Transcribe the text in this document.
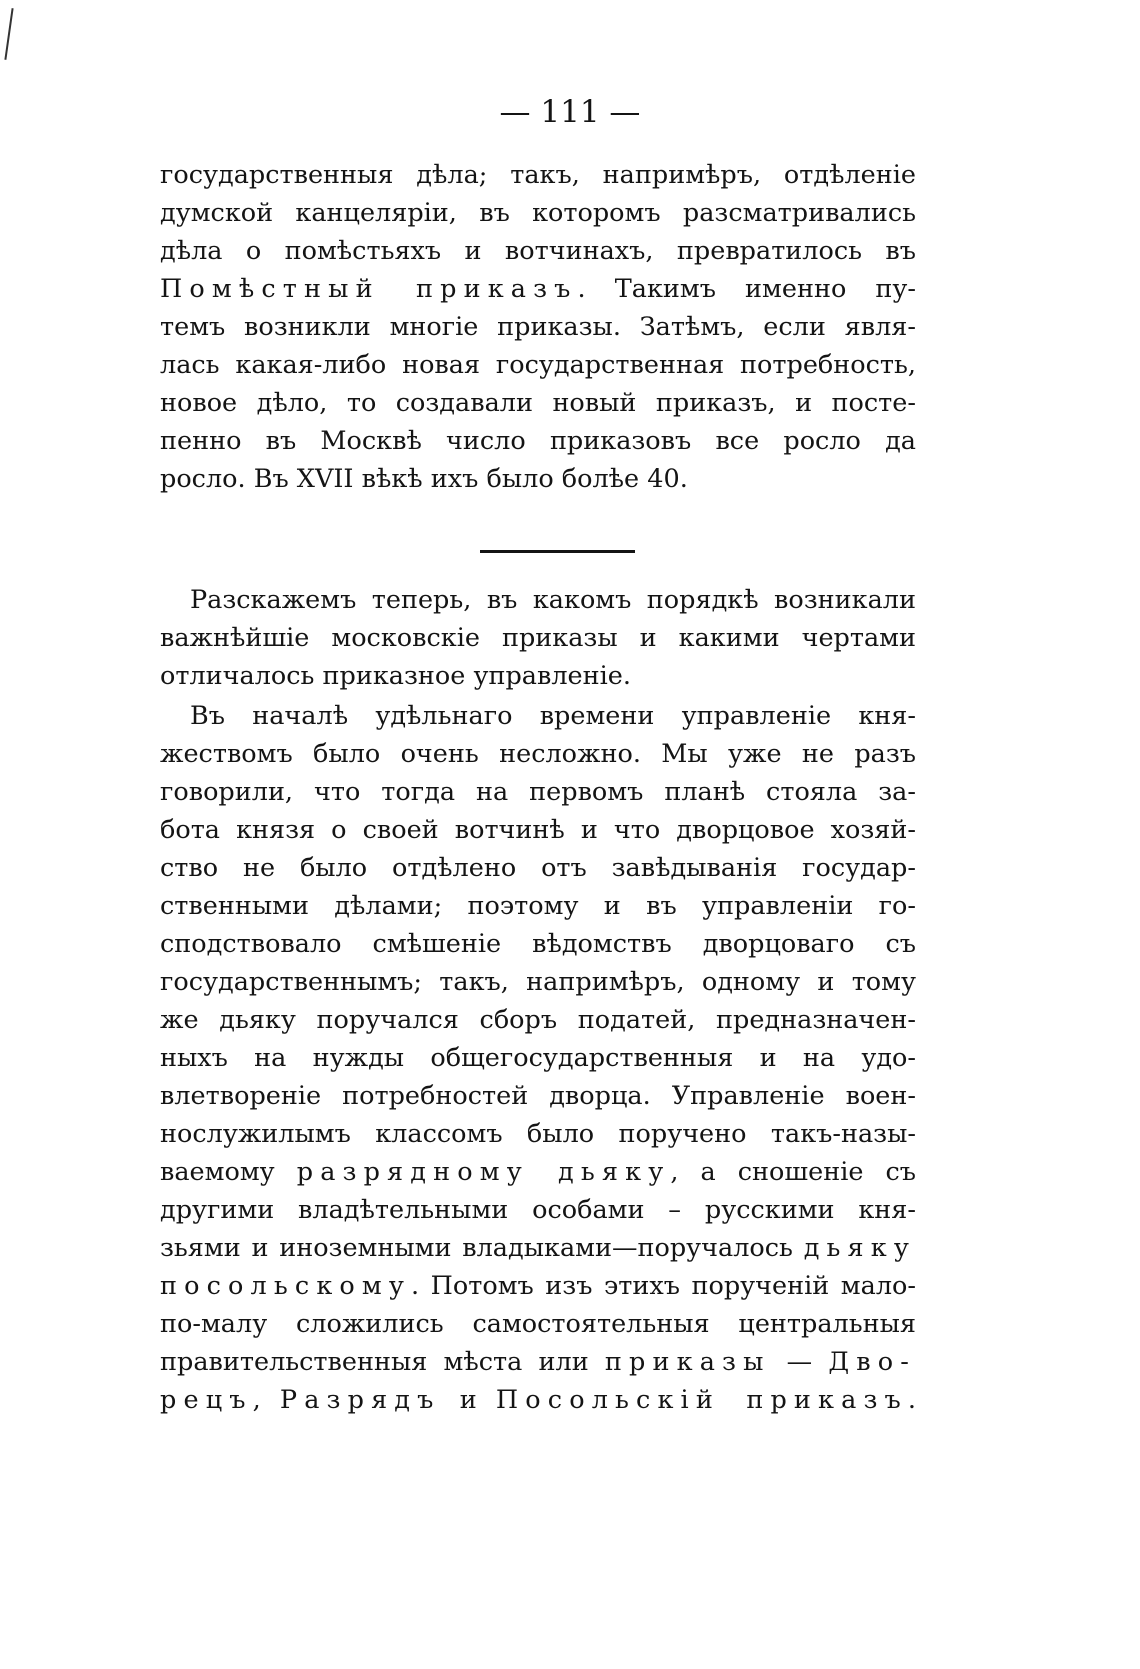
— 111 —

государственныя дѣла; такъ, напримѣръ, отдѣленіе

думской канцеляріи, въ которомъ разсматривались

дѣла о помѣстьяхъ и вотчинахъ, превратилось въ

Помѣстный приказъ. Такимъ именно пу-

темъ возникли многіе приказы. Затѣмъ, если явля-

лась какая-либо новая государственная потребность,

новое дѣло, то создавали новый приказъ, и посте-

пенно въ Москвѣ число приказовъ все росло да

росло. Въ XVII вѣкѣ ихъ было болѣе 40.

Разскажемъ теперь, въ какомъ порядкѣ возникали

важнѣйшіе московскіе приказы и какими чертами

отличалось приказное управленіе.

Въ началѣ удѣльнаго времени управленіе кня-

жествомъ было очень несложно. Мы уже не разъ

говорили, что тогда на первомъ планѣ стояла за-

бота князя о своей вотчинѣ и что дворцовое хозяй-

ство не было отдѣлено отъ завѣдыванія государ-

ственными дѣлами; поэтому и въ управленіи го-

сподствовало смѣшеніе вѣдомствъ дворцоваго съ

государственнымъ; такъ, напримѣръ, одному и тому

же дьяку поручался сборъ податей, предназначен-

ныхъ на нужды общегосударственныя и на удо-

влетвореніе потребностей дворца. Управленіе воен-

нослужилымъ классомъ было поручено такъ-назы-

ваемому разрядному дьяку, а сношеніе съ

другими владѣтельными особами – русскими кня-

зьями и иноземными владыками—поручалось дьяку

посольскому. Потомъ изъ этихъ порученій мало-

по-малу сложились самостоятельныя центральныя

правительственныя мѣста или приказы — Дво-

рецъ, Разрядъ и Посольскій приказъ.
